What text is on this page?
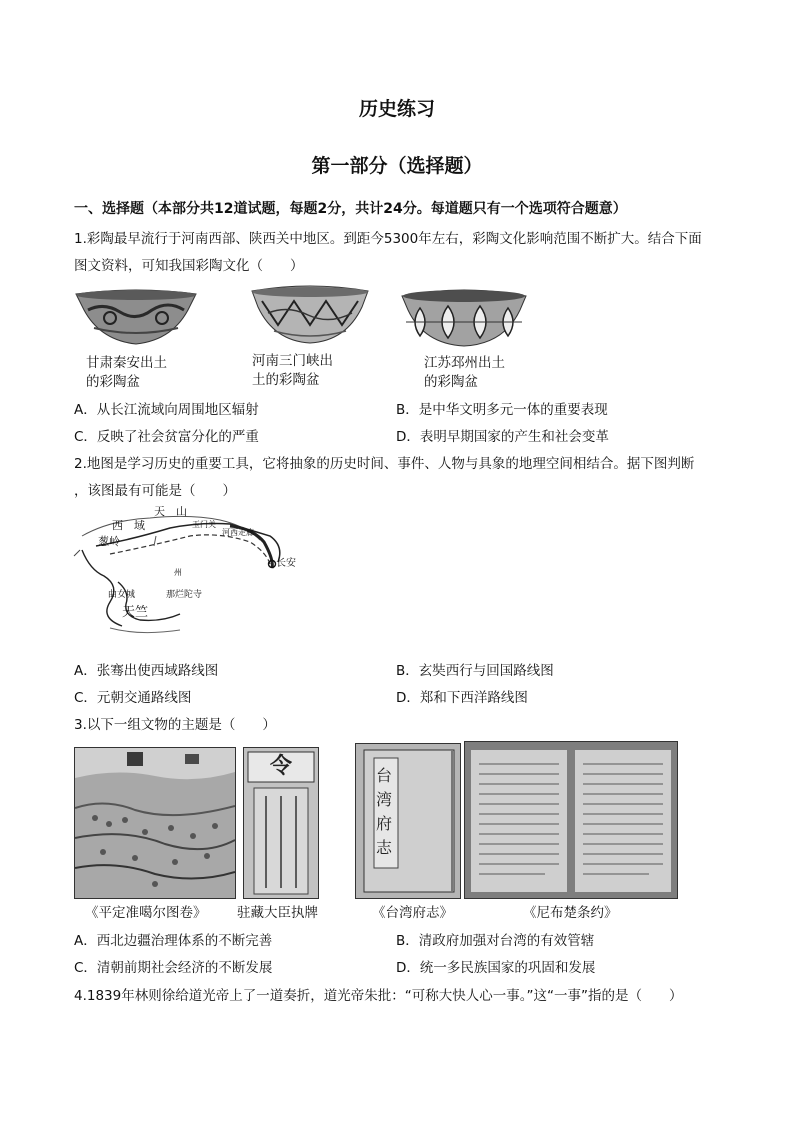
历史练习
第一部分（选择题）
一、选择题（本部分共12道试题，每题2分，共计24分。每道题只有一个选项符合题意）
1.彩陶最早流行于河南西部、陕西关中地区。到距今5300年左右，彩陶文化影响范围不断扩大。结合下面
图文资料，可知我国彩陶文化（　　）
甘肃秦安出土
的彩陶盆
河南三门峡出
土的彩陶盆
江苏邳州出土
的彩陶盆
A．从长江流域向周围地区辐射	B．是中华文明多元一体的重要表现
C．反映了社会贫富分化的严重	D．表明早期国家的产生和社会变革
2.地图是学习历史的重要工具，它将抽象的历史时间、事件、人物与具象的地理空间相结合。据下图判断
，该图最有可能是（　　）
天　山
西　域	玉门关
河西走廊
葱岭
长安
州
曲女城	那烂陀寺
天竺
A．张骞出使西域路线图	B．玄奘西行与回国路线图
C．元朝交通路线图	D．郑和下西洋路线图
3.以下一组文物的主题是（　　）
令	台湾府志
《平定准噶尔图卷》 驻藏大臣执牌	《台湾府志》	《尼布楚条约》
A．西北边疆治理体系的不断完善	B．清政府加强对台湾的有效管辖
C．清朝前期社会经济的不断发展	D．统一多民族国家的巩固和发展
4.1839年林则徐给道光帝上了一道奏折，道光帝朱批：“可称大快人心一事。”这“一事”指的是（　　）
